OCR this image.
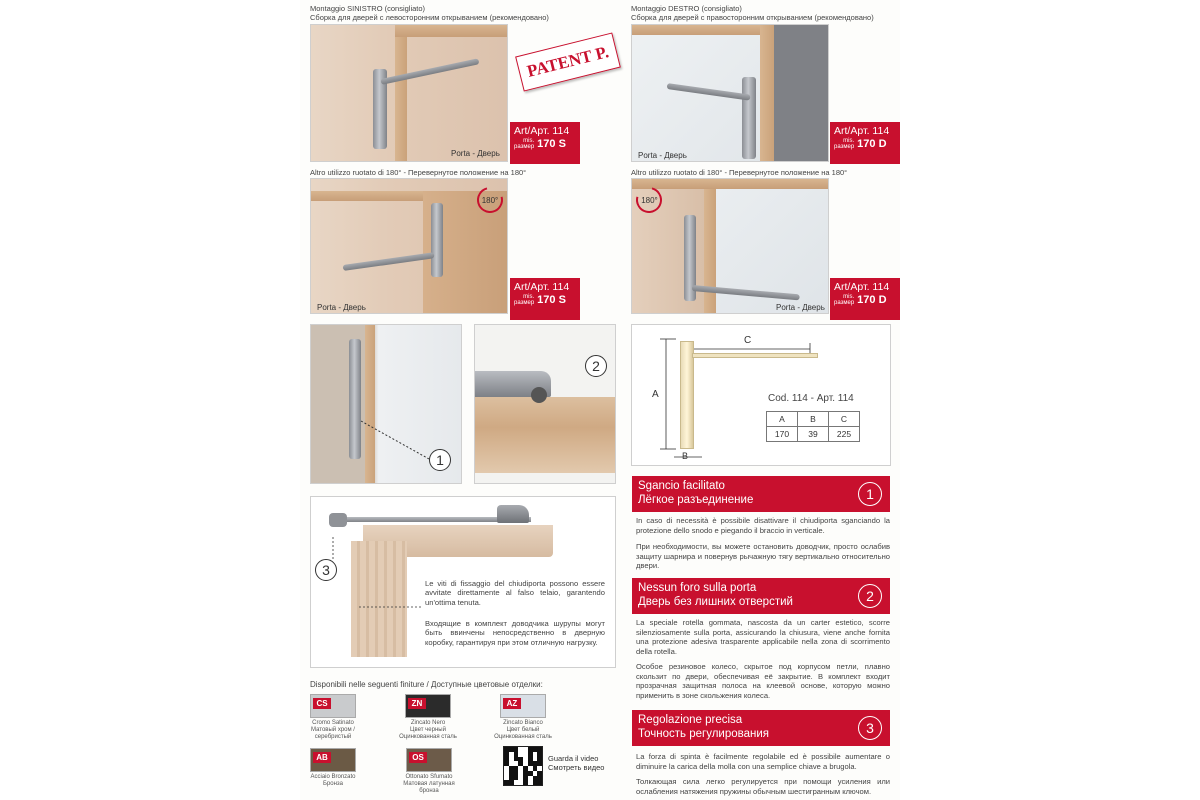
Montaggio SINISTRO (consigliato)
Сборка для дверей с левосторонним открыванием (рекомендовано)
Porta - Дверь
Art/Арт. 114
mis.
размер 170 S
PATENT P.
Montaggio DESTRO (consigliato)
Сборка для дверей с правосторонним открыванием (рекомендовано)
Porta - Дверь
Art/Арт. 114
mis.
размер 170 D
Altro utilizzo ruotato di 180° - Перевернутое положение на 180°
Porta - Дверь
180°
Art/Арт. 114
mis.
размер 170 S
Altro utilizzo ruotato di 180° - Перевернутое положение на 180°
Porta - Дверь
180°
Art/Арт. 114
mis.
размер 170 D
1
2
A
C
B
Cod. 114 - Арт. 114
A	B	C
170	39	225
Sgancio facilitato
Лёгкое разъединение	1
In caso di necessità è possibile disattivare il chiudiporta sganciando la protezione dello snodo e piegando il braccio in verticale.
При необходимости, вы можете остановить доводчик, просто ослабив защиту шарнира и повернув рычажную тягу вертикально относительно двери.
Nessun foro sulla porta
Дверь без лишних отверстий	2
La speciale rotella gommata, nascosta da un carter estetico, scorre silenziosamente sulla porta, assicurando la chiusura, viene anche fornita una protezione adesiva trasparente applicabile nella zona di scorrimento della rotella.
Особое резиновое колесо, скрытое под корпусом петли, плавно скользит по двери, обеспечивая её закрытие. В комплект входит прозрачная защитная полоса на клеевой основе, которую можно применить в зоне скольжения колеса.
Regolazione precisa
Точность регулирования	3
La forza di spinta è facilmente regolabile ed è possibile aumentare o diminuire la carica della molla con una semplice chiave a brugola.
Толкающая сила легко регулируется при помощи усиления или ослабления натяжения пружины обычным шестигранным ключом.
3
Le viti di fissaggio del chiudiporta possono essere avvitate direttamente al falso telaio, garantendo un'ottima tenuta.
Входящие в комплект доводчика шурупы могут быть ввинчены непосредственно в дверную коробку, гарантируя при этом отличную нагрузку.
Disponibili nelle seguenti finiture / Доступные цветовые отделки:
CS
Cromo Satinato
Матовый хром /
серебристый
ZN
Zincato Nero
Цвет черный
Оцинкованная сталь
AZ
Zincato Bianco
Цвет белый
Оцинкованная сталь
AB
Acciaio Bronzato
Бронза
OS
Ottonato Sfumato
Матовая латунная бронза
Guarda il video
Смотреть видео
